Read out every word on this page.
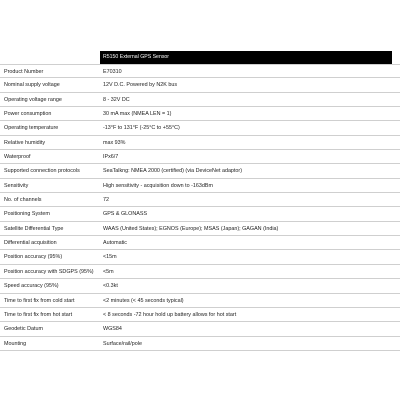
R5150 External GPS Sensor
Product Number	E70310
Nominal supply voltage	12V D.C. Powered by N2K bus
Operating voltage range	8 - 32V DC
Power consumption	30 mA max (NMEA LEN = 1)
Operating temperature	-13°F to 131°F (-25°C to +55°C)
Relative humidity	max 93%
Waterproof	IPx6/7
Supported connection protocols	SeaTalkng: NMEA 2000 (certified) (via DeviceNet adaptor)
Sensitivity	High sensitivity - acquisition down to -163dBm
No. of channels	72
Positioning System	GPS & GLONASS
Satellite Differential Type	WAAS (United States); EGNOS (Europe); MSAS (Japan); GAGAN (India)
Differential acquisition	Automatic
Position accuracy (95%)	<15m
Position accuracy with SDGPS (95%)	<5m
Speed accuracy (95%)	<0.3kt
Time to first fix from cold start	<2 minutes (< 45 seconds typical)
Time to first fix from hot start	< 8 seconds -72 hour hold up battery allows for hot start
Geodetic Datum	WGS84
Mounting	Surface/rail/pole
